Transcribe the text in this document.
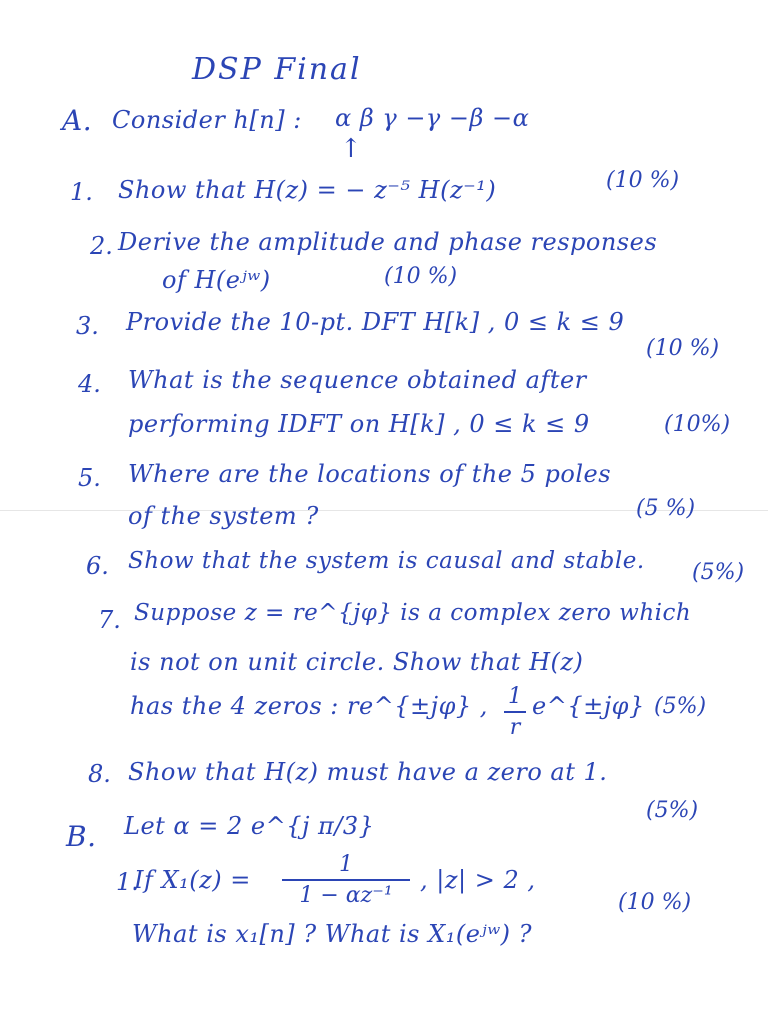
DSP Final
A. Consider h[n] : α β γ −γ −β −α
↑
1. Show that H(z) = − z⁻⁵ H(z⁻¹)	(10 %)
2. Derive the amplitude and phase responses
of H(eʲʷ)	(10 %)
3. Provide the 10-pt. DFT H[k] , 0 ≤ k ≤ 9
(10 %)
4. What is the sequence obtained after
performing IDFT on H[k] , 0 ≤ k ≤ 9	(10%)
5. Where are the locations of the 5 poles
of the system ?	(5 %)
6. Show that the system is causal and stable. (5%)
7. Suppose z = re^{jφ} is a complex zero which
is not on unit circle. Show that H(z)
has the 4 zeros : re^{±jφ} , 1
r
e^{±jφ} (5%)
8. Show that H(z) must have a zero at 1.
(5%)
B. Let α = 2 e^{j π/3}
1.
If X₁(z) =
1
1 − αz⁻¹
, |z| > 2 ,
What is x₁[n] ? What is X₁(eʲʷ) ?
(10 %)
